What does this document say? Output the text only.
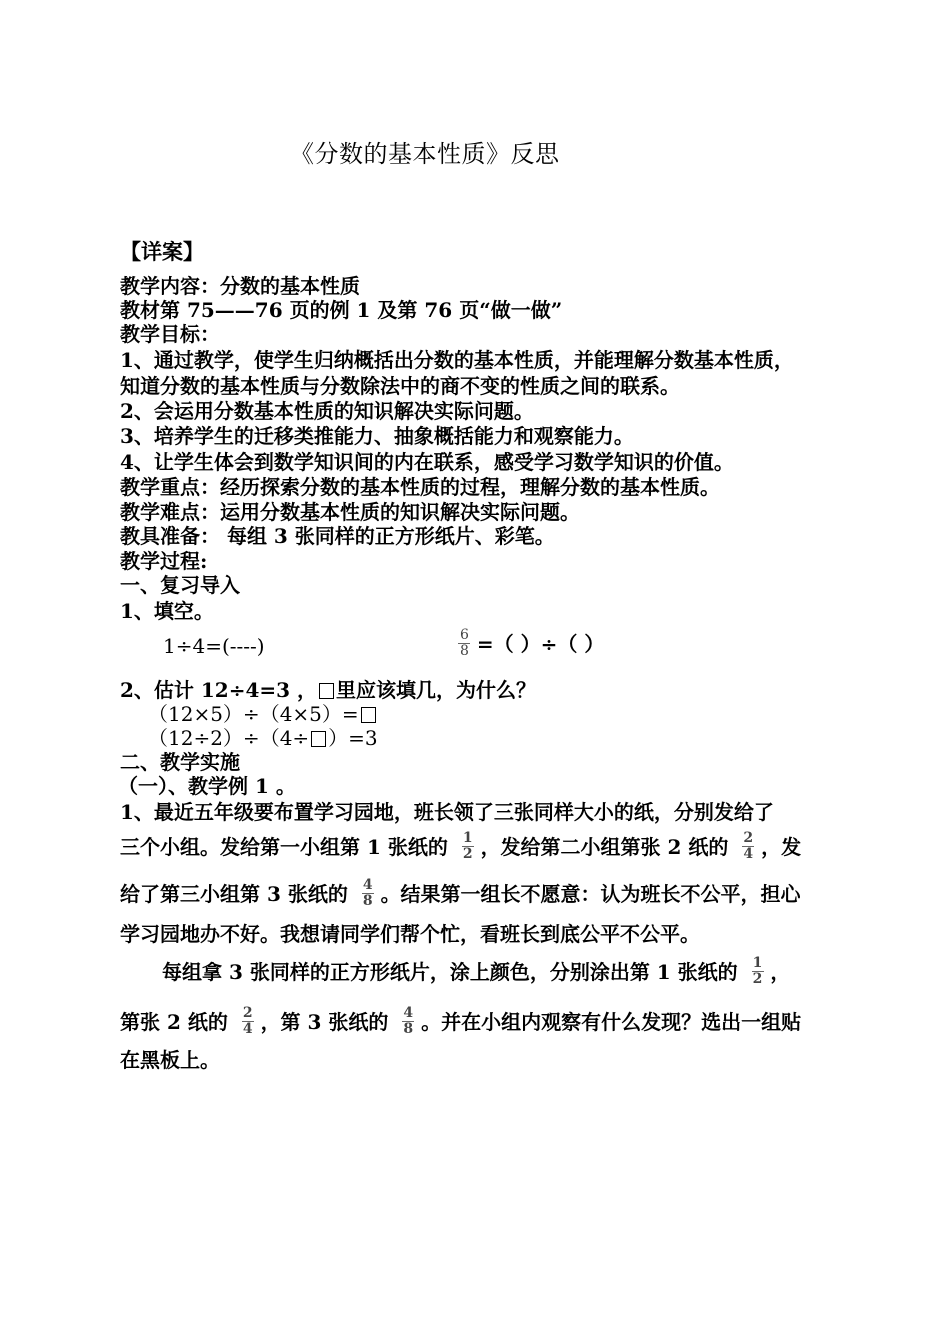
《分数的基本性质》反思
【详案】
教学内容：分数的基本性质
教材第 75——76 页的例 1 及第 76 页“做一做”
教学目标：
1、通过教学，使学生归纳概括出分数的基本性质，并能理解分数基本性质，
知道分数的基本性质与分数除法中的商不变的性质之间的联系。
2、会运用分数基本性质的知识解决实际问题。
3、培养学生的迁移类推能力、抽象概括能力和观察能力。
4、让学生体会到数学知识间的内在联系，感受学习数学知识的价值。
教学重点：经历探索分数的基本性质的过程，理解分数的基本性质。
教学难点：运用分数基本性质的知识解决实际问题。
教具准备： 每组 3 张同样的正方形纸片、彩笔。
教学过程:
一、复习导入
1、填空。
1÷4=(----)	$\frac{6}{8}$ =（ ）÷（ ）
2、估计 12÷4=3 ， 里应该填几，为什么？
（12×5）÷（4×5）=
（12÷2）÷（4÷ ）=3
二、教学实施
（一）、教学例 1 。
1、最近五年级要布置学习园地，班长领了三张同样大小的纸，分别发给了
三个小组。发给第一小组第 1 张纸的 $\frac{1}{2}$ ，发给第二小组第张 2 纸的 $\frac{2}{4}$ ，发
给了第三小组第 3 张纸的 $\frac{4}{8}$ 。结果第一组长不愿意：认为班长不公平，担心
学习园地办不好。我想请同学们帮个忙，看班长到底公平不公平。
每组拿 3 张同样的正方形纸片，涂上颜色，分别涂出第 1 张纸的 $\frac{1}{2}$ ，
第张 2 纸的 $\frac{2}{4}$ ，第 3 张纸的 $\frac{4}{8}$ 。并在小组内观察有什么发现？选出一组贴
在黑板上。
